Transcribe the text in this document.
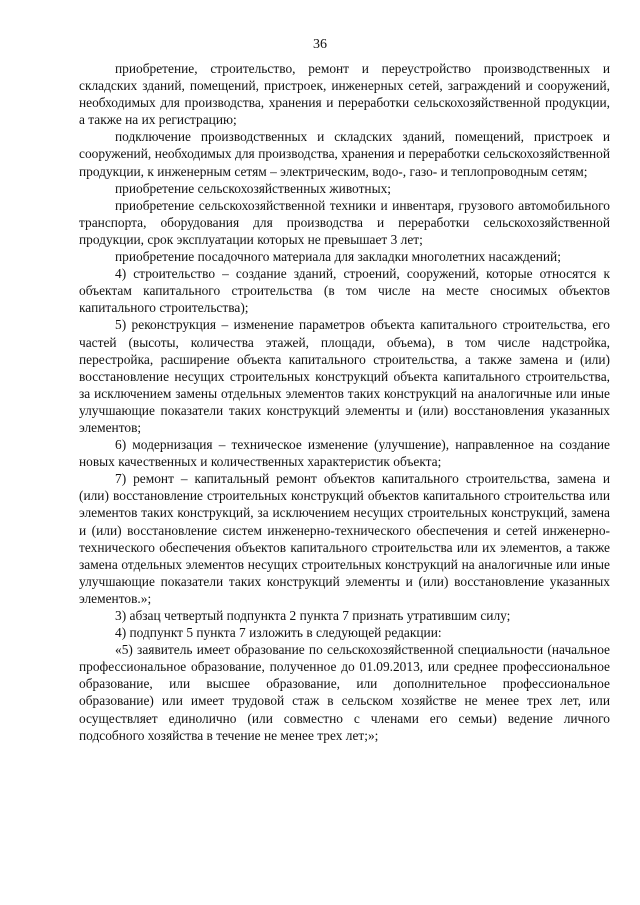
36

приобретение, строительство, ремонт и переустройство производственных и складских зданий, помещений, пристроек, инженерных сетей, заграждений и сооружений, необходимых для производства, хранения и переработки сельскохозяйственной продукции, а также на их регистрацию;

подключение производственных и складских зданий, помещений, пристроек и сооружений, необходимых для производства, хранения и переработки сельскохозяйственной продукции, к инженерным сетям – электрическим, водо-, газо- и теплопроводным сетям;

приобретение сельскохозяйственных животных;

приобретение сельскохозяйственной техники и инвентаря, грузового автомобильного транспорта, оборудования для производства и переработки сельскохозяйственной продукции, срок эксплуатации которых не превышает 3 лет;

приобретение посадочного материала для закладки многолетних насаждений;

4) строительство – создание зданий, строений, сооружений, которые относятся к объектам капитального строительства (в том числе на месте сносимых объектов капитального строительства);

5) реконструкция – изменение параметров объекта капитального строительства, его частей (высоты, количества этажей, площади, объема), в том числе надстройка, перестройка, расширение объекта капитального строительства, а также замена и (или) восстановление несущих строительных конструкций объекта капитального строительства, за исключением замены отдельных элементов таких конструкций на аналогичные или иные улучшающие показатели таких конструкций элементы и (или) восстановления указанных элементов;

6) модернизация – техническое изменение (улучшение), направленное на создание новых качественных и количественных характеристик объекта;

7) ремонт – капитальный ремонт объектов капитального строительства, замена и (или) восстановление строительных конструкций объектов капитального строительства или элементов таких конструкций, за исключением несущих строительных конструкций, замена и (или) восстановление систем инженерно-технического обеспечения и сетей инженерно-технического обеспечения объектов капитального строительства или их элементов, а также замена отдельных элементов несущих строительных конструкций на аналогичные или иные улучшающие показатели таких конструкций элементы и (или) восстановление указанных элементов.»;

3) абзац четвертый подпункта 2 пункта 7 признать утратившим силу;

4) подпункт 5 пункта 7 изложить в следующей редакции:

«5) заявитель имеет образование по сельскохозяйственной специальности (начальное профессиональное образование, полученное до 01.09.2013, или среднее профессиональное образование, или высшее образование, или дополнительное профессиональное образование) или имеет трудовой стаж в сельском хозяйстве не менее трех лет, или осуществляет единолично (или совместно с членами его семьи) ведение личного подсобного хозяйства в течение не менее трех лет;»;
